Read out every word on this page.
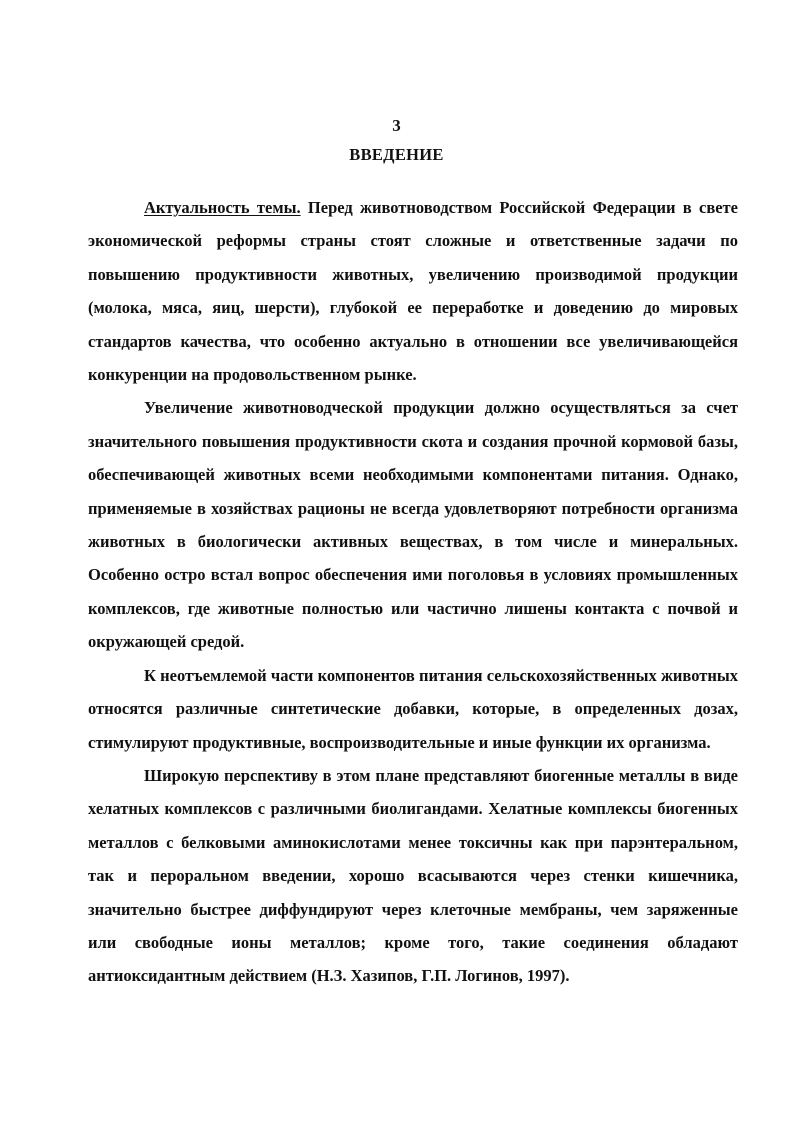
3
ВВЕДЕНИЕ

Актуальность темы. Перед животноводством Российской Федерации в свете экономической реформы страны стоят сложные и ответственные задачи по повышению продуктивности животных, увеличению производимой продукции (молока, мяса, яиц, шерсти), глубокой ее переработке и доведению до мировых стандартов качества, что особенно актуально в отношении все увеличивающейся конкуренции на продовольственном рынке.

Увеличение животноводческой продукции должно осуществляться за счет значительного повышения продуктивности скота и создания прочной кормовой базы, обеспечивающей животных всеми необходимыми компонентами питания. Однако, применяемые в хозяйствах рационы не всегда удовлетворяют потребности организма животных в биологически активных веществах, в том числе и минеральных. Особенно остро встал вопрос обеспечения ими поголовья в условиях промышленных комплексов, где животные полностью или частично лишены контакта с почвой и окружающей средой.

К неотъемлемой части компонентов питания сельскохозяйственных животных относятся различные синтетические добавки, которые, в определенных дозах, стимулируют продуктивные, воспроизводительные и иные функции их организма.

Широкую перспективу в этом плане представляют биогенные металлы в виде хелатных комплексов с различными биолигандами. Хелатные комплексы биогенных металлов с белковыми аминокислотами менее токсичны как при парэнтеральном, так и пероральном введении, хорошо всасываются через стенки кишечника, значительно быстрее диффундируют через клеточные мембраны, чем заряженные или свободные ионы металлов; кроме того, такие соединения обладают антиоксидантным действием (Н.З. Хазипов, Г.П. Логинов, 1997).
